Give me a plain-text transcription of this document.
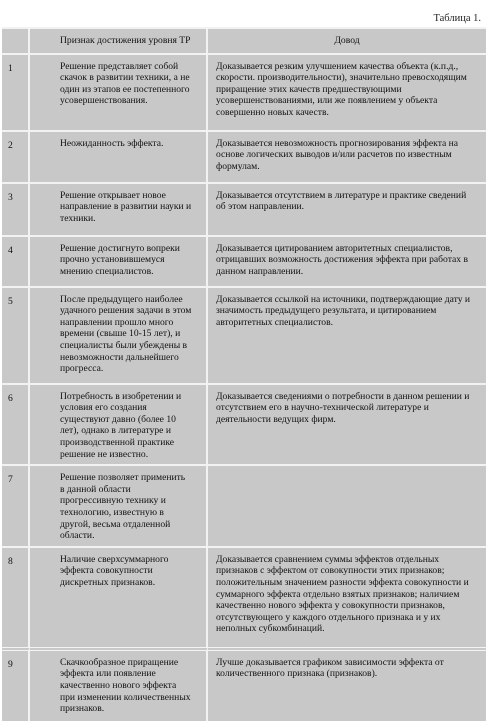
Таблица 1.
	Признак достижения уровня ТР	Довод
1	Решение представляет собой скачок в развитии техники, а не один из этапов ее постепенного усовершенствования.	Доказывается резким улучшением качества объекта (к.п.д., скорости. производительности), значительно превосходящим приращение этих качеств предшествующими усовершенствованиями, или же появлением у объекта совершенно новых качеств.
2	Неожиданность эффекта.	Доказывается невозможность прогнозирования эффекта на основе логических выводов и/или расчетов по известным формулам.
3	Решение открывает новое направление в развитии науки и техники.	Доказывается отсутствием в литературе и практике сведений об этом направлении.
4	Решение достигнуто вопреки прочно установившемуся мнению специалистов.	Доказывается цитированием авторитетных специалистов, отрицавших возможность достижения эффекта при работах в данном направлении.
5	После предыдущего наиболее удачного решения задачи в этом направлении прошло много времени (свыше 10-15 лет), и специалисты были убеждены в невозможности дальнейшего прогресса.	Доказывается ссылкой на источники, подтверждающие дату и значимость предыдущего результата, и цитированием авторитетных специалистов.
6	Потребность в изобретении и условия его создания существуют давно (более 10 лет), однако в литературе и производственной практике решение не известно.	Доказывается сведениями о потребности в данном решении и отсутствием его в научно-технической литературе и деятельности ведущих фирм.
7	Решение позволяет применить в данной области прогрессивную технику и технологию, известную в другой, весьма отдаленной области.	
8	Наличие сверхсуммарного эффекта совокупности дискретных признаков.	Доказывается сравнением суммы эффектов отдельных признаков с эффектом от совокупности этих признаков; положительным значением разности эффекта совокупности и суммарного эффекта отдельно взятых признаков; наличием качественно нового эффекта у совокупности признаков, отсутствующего у каждого отдельного признака и у их неполных субкомбинаций.
9	Скачкообразное приращение эффекта или появление качественно нового эффекта при изменении количественных признаков.	Лучше доказывается графиком зависимости эффекта от количественного признака (признаков).
